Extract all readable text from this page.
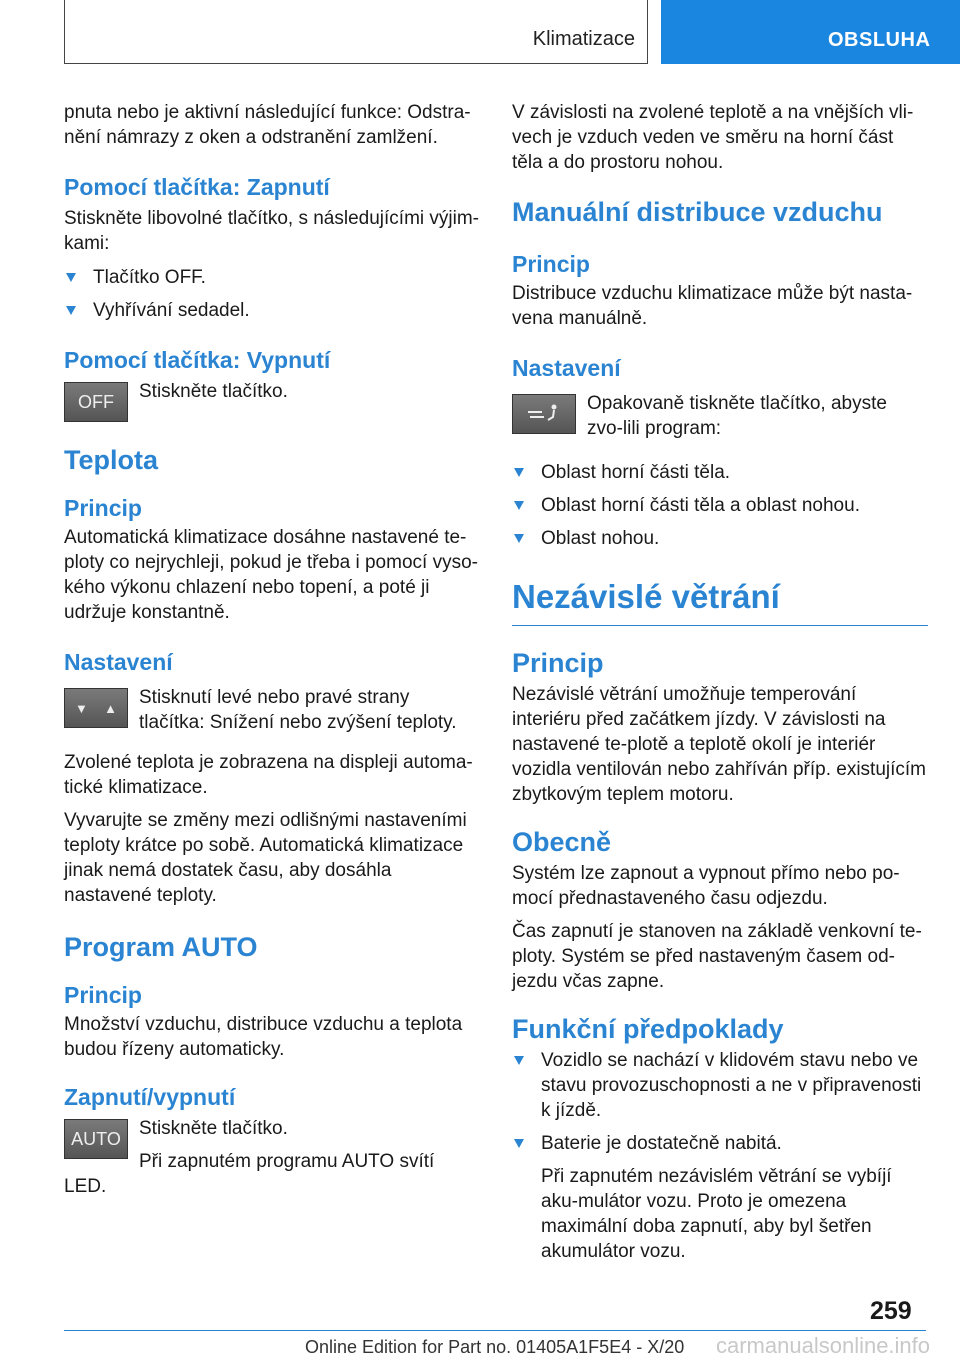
Klimatizace	OBSLUHA

pnuta nebo je aktivní následující funkce: Odstra‐nění námrazy z oken a odstranění zamlžení.

Pomocí tlačítka: Zapnutí

Stiskněte libovolné tlačítko, s následujícími výjim‐kami:

Tlačítko OFF.
Vyhřívání sedadel.
Pomocí tlačítka: Vypnutí
OFF	Stiskněte tlačítko.

Teplota
Princip

Automatická klimatizace dosáhne nastavené te‐ploty co nejrychleji, pokud je třeba i pomocí vyso‐kého výkonu chlazení nebo topení, a poté ji udržuje konstantně.

Nastavení
▼ ▲ Stisknutí levé nebo pravé strany tlačítka: Snížení nebo zvýšení teploty.

Zvolené teplota je zobrazena na displeji automa‐tické klimatizace.

Vyvarujte se změny mezi odlišnými nastaveními teploty krátce po sobě. Automatická klimatizace jinak nemá dostatek času, aby dosáhla nastavené teploty.

Program AUTO
Princip

Množství vzduchu, distribuce vzduchu a teplota budou řízeny automaticky.

Zapnutí/vypnutí
AUTO Stiskněte tlačítko.

Při zapnutém programu AUTO svítí LED.

V závislosti na zvolené teplotě a na vnějších vli‐vech je vzduch veden ve směru na horní část těla a do prostoru nohou.

Manuální distribuce vzduchu
Princip

Distribuce vzduchu klimatizace může být nasta‐vena manuálně.

Nastavení

Opakovaně tiskněte tlačítko, abyste zvo‐lili program:

Oblast horní části těla.
Oblast horní části těla a oblast nohou.
Oblast nohou.
Nezávislé větrání
Princip

Nezávislé větrání umožňuje temperování interiéru před začátkem jízdy. V závislosti na nastavené te‐plotě a teplotě okolí je interiér vozidla ventilován nebo zahříván příp. existujícím zbytkovým teplem motoru.

Obecně

Systém lze zapnout a vypnout přímo nebo po‐mocí přednastaveného času odjezdu.

Čas zapnutí je stanoven na základě venkovní te‐ploty. Systém se před nastaveným časem od‐jezdu včas zapne.

Funkční předpoklady
Vozidlo se nachází v klidovém stavu nebo ve stavu provozuschopnosti a ne v připravenosti k jízdě.
Baterie je dostatečně nabitá.

Při zapnutém nezávislém větrání se vybíjí aku‐mulátor vozu. Proto je omezena maximální doba zapnutí, aby byl šetřen akumulátor vozu.

259
Online Edition for Part no. 01405A1F5E4 - X/20 carmanualsonline.info
